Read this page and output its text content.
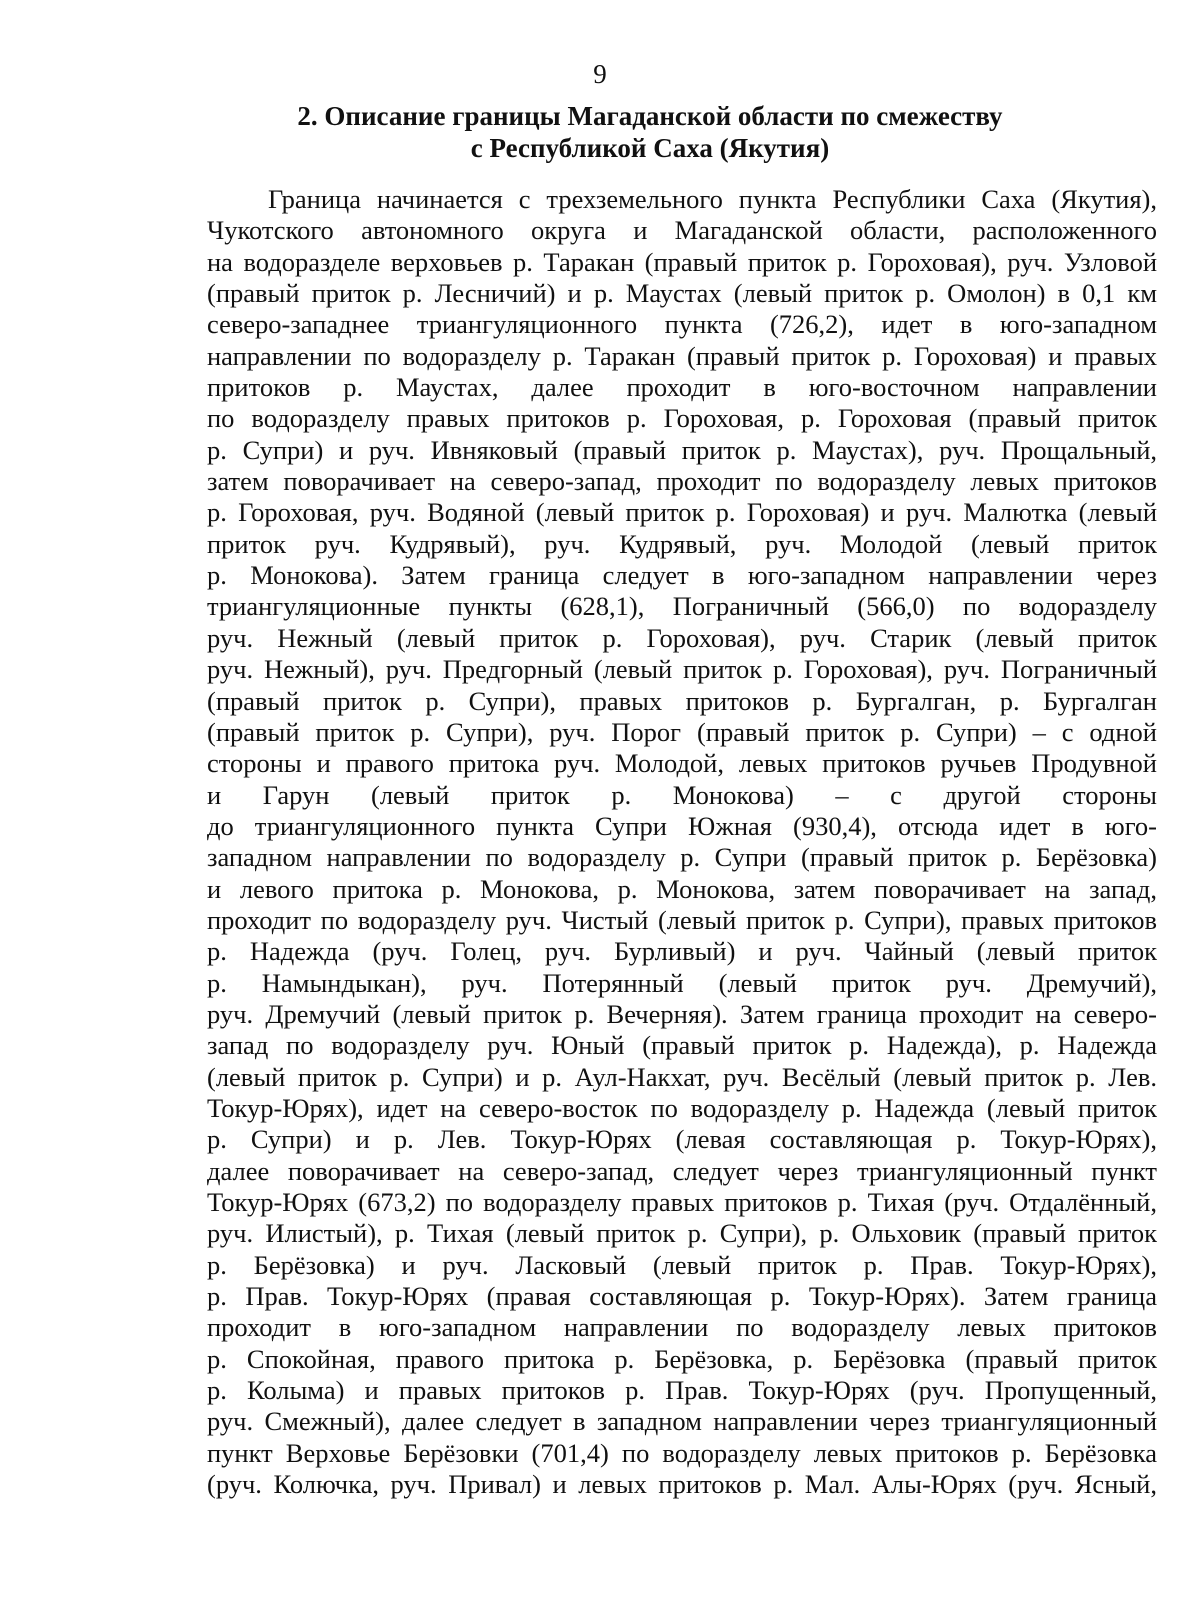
9
2. Описание границы Магаданской области по смежеству
с Республикой Саха (Якутия)
Граница начинается с трехземельного пункта Республики Саха (Якутия),
Чукотского автономного округа и Магаданской области, расположенного
на водоразделе верховьев р. Таракан (правый приток р. Гороховая), руч. Узловой
(правый приток р. Лесничий) и р. Маустах (левый приток р. Омолон) в 0,1 км
северо-западнее триангуляционного пункта (726,2), идет в юго-западном
направлении по водоразделу р. Таракан (правый приток р. Гороховая) и правых
притоков р. Маустах, далее проходит в юго-восточном направлении
по водоразделу правых притоков р. Гороховая, р. Гороховая (правый приток
р. Супри) и руч. Ивняковый (правый приток р. Маустах), руч. Прощальный,
затем поворачивает на северо-запад, проходит по водоразделу левых притоков
р. Гороховая, руч. Водяной (левый приток р. Гороховая) и руч. Малютка (левый
приток руч. Кудрявый), руч. Кудрявый, руч. Молодой (левый приток
р. Монокова). Затем граница следует в юго-западном направлении через
триангуляционные пункты (628,1), Пограничный (566,0) по водоразделу
руч. Нежный (левый приток р. Гороховая), руч. Старик (левый приток
руч. Нежный), руч. Предгорный (левый приток р. Гороховая), руч. Пограничный
(правый приток р. Супри), правых притоков р. Бургалган, р. Бургалган
(правый приток р. Супри), руч. Порог (правый приток р. Супри) – с одной
стороны и правого притока руч. Молодой, левых притоков ручьев Продувной
и Гарун (левый приток р. Монокова) – с другой стороны
до триангуляционного пункта Супри Южная (930,4), отсюда идет в юго-
западном направлении по водоразделу р. Супри (правый приток р. Берёзовка)
и левого притока р. Монокова, р. Монокова, затем поворачивает на запад,
проходит по водоразделу руч. Чистый (левый приток р. Супри), правых притоков
р. Надежда (руч. Голец, руч. Бурливый) и руч. Чайный (левый приток
р. Намындыкан), руч. Потерянный (левый приток руч. Дремучий),
руч. Дремучий (левый приток р. Вечерняя). Затем граница проходит на северо-
запад по водоразделу руч. Юный (правый приток р. Надежда), р. Надежда
(левый приток р. Супри) и р. Аул-Накхат, руч. Весёлый (левый приток р. Лев.
Токур-Юрях), идет на северо-восток по водоразделу р. Надежда (левый приток
р. Супри) и р. Лев. Токур-Юрях (левая составляющая р. Токур-Юрях),
далее поворачивает на северо-запад, следует через триангуляционный пункт
Токур-Юрях (673,2) по водоразделу правых притоков р. Тихая (руч. Отдалённый,
руч. Илистый), р. Тихая (левый приток р. Супри), р. Ольховик (правый приток
р. Берёзовка) и руч. Ласковый (левый приток р. Прав. Токур-Юрях),
р. Прав. Токур-Юрях (правая составляющая р. Токур-Юрях). Затем граница
проходит в юго-западном направлении по водоразделу левых притоков
р. Спокойная, правого притока р. Берёзовка, р. Берёзовка (правый приток
р. Колыма) и правых притоков р. Прав. Токур-Юрях (руч. Пропущенный,
руч. Смежный), далее следует в западном направлении через триангуляционный
пункт Верховье Берёзовки (701,4) по водоразделу левых притоков р. Берёзовка
(руч. Колючка, руч. Привал) и левых притоков р. Мал. Алы-Юрях (руч. Ясный,
